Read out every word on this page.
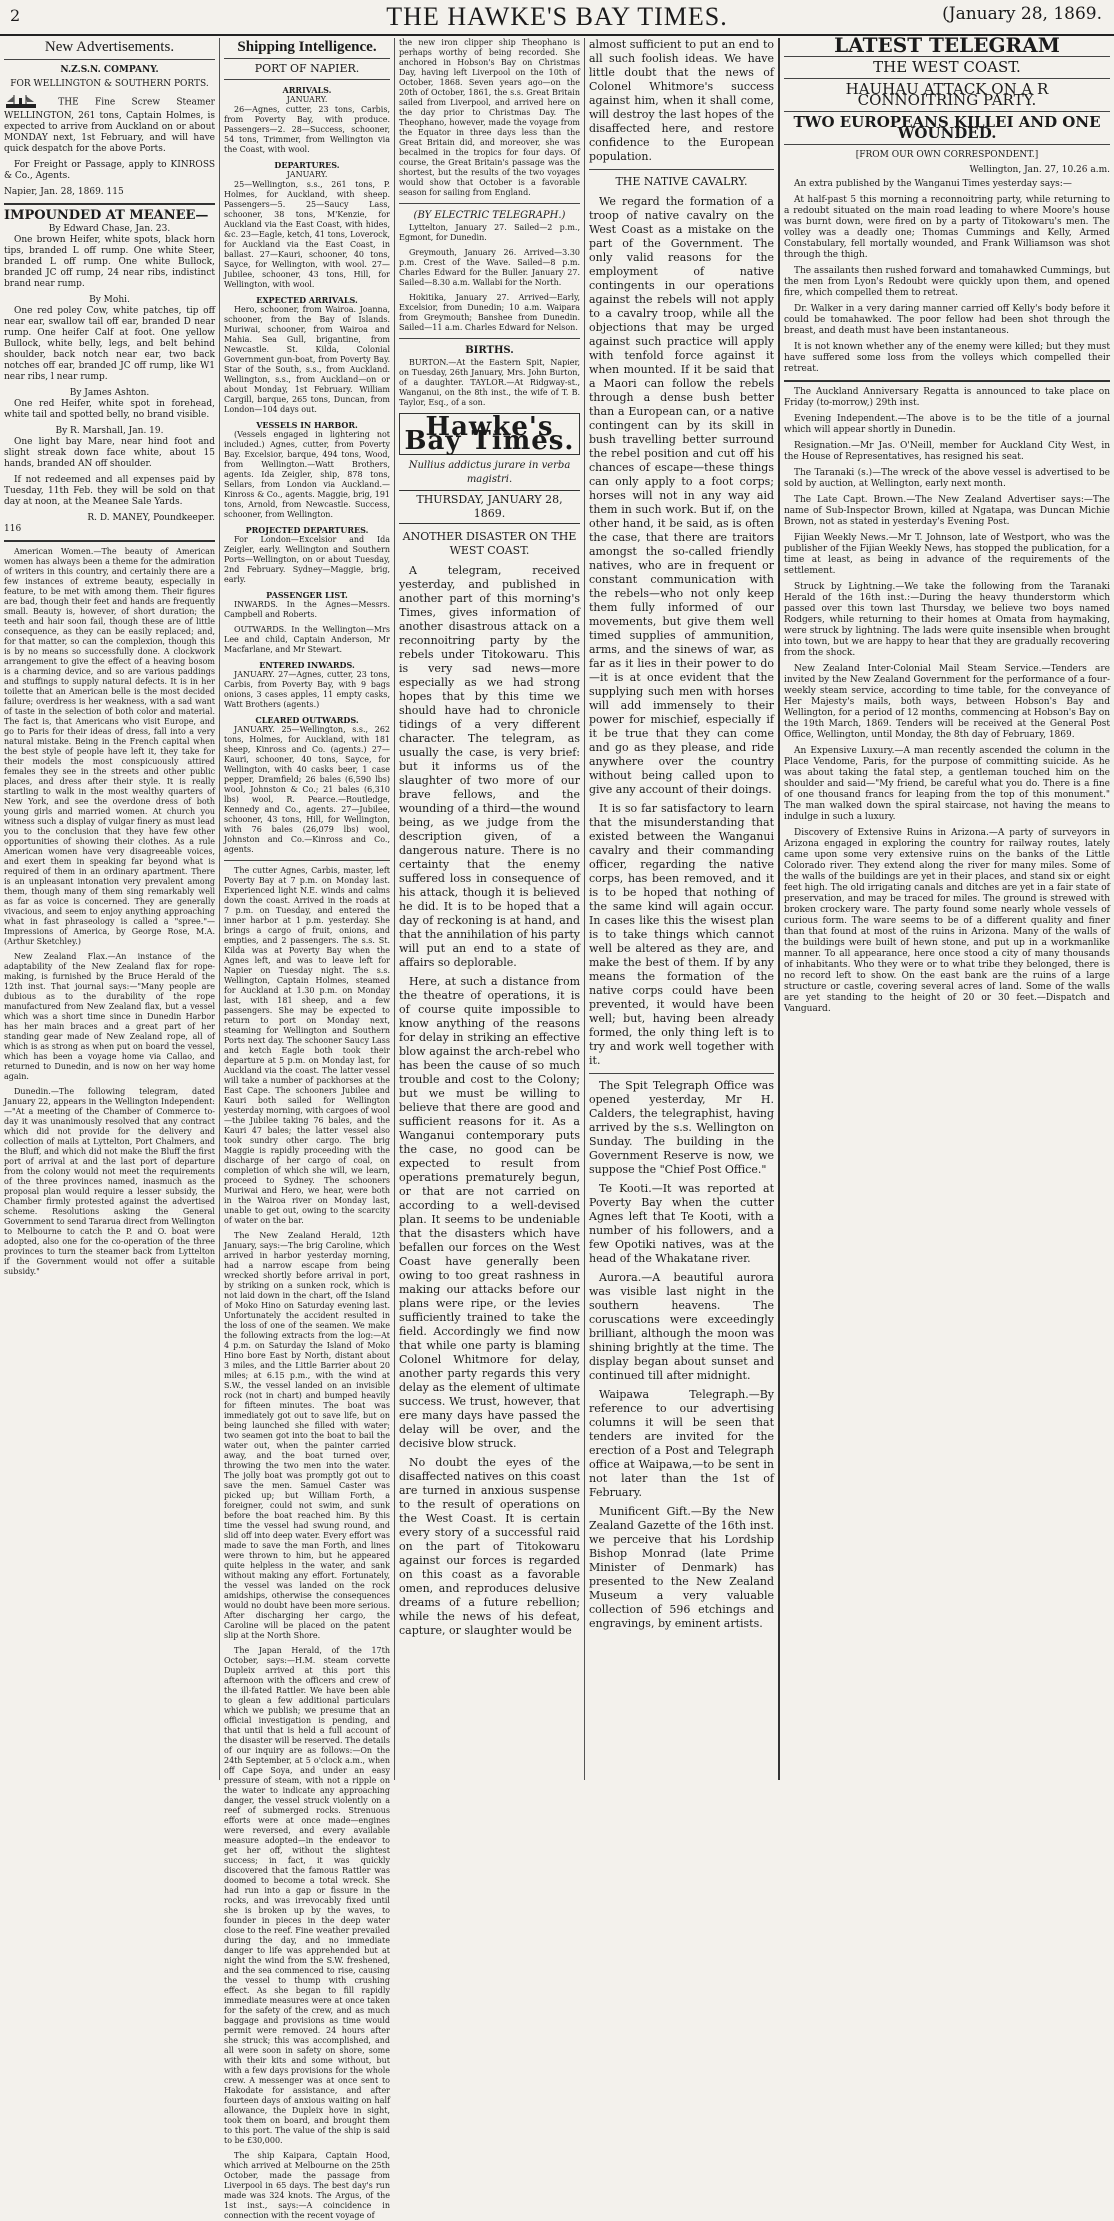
2	THE HAWKE'S BAY TIMES.	(January 28, 1869.
New Advertisements.
N.Z.S.N. COMPANY.
FOR WELLINGTON & SOUTHERN PORTS.

THE Fine Screw Steamer WELLINGTON, 261 tons, Captain Holmes, is expected to arrive from Auckland on or about MONDAY next, 1st February, and will have quick despatch for the above Ports.

For Freight or Passage, apply to KINROSS & Co., Agents.

Napier, Jan. 28, 1869. 115

IMPOUNDED AT MEANEE—
By Edward Chase, Jan. 23.

One brown Heifer, white spots, black horn tips, branded L off rump. One white Steer, branded L off rump. One white Bullock, branded JC off rump, 24 near ribs, indistinct brand near rump.

By Mohi.

One red poley Cow, white patches, tip off near ear, swallow tail off ear, branded D near rump. One heifer Calf at foot. One yellow Bullock, white belly, legs, and belt behind shoulder, back notch near ear, two back notches off ear, branded JC off rump, like W1 near ribs, l near rump.

By James Ashton.

One red Heifer, white spot in forehead, white tail and spotted belly, no brand visible.

By R. Marshall, Jan. 19.

One light bay Mare, near hind foot and slight streak down face white, about 15 hands, branded AN off shoulder.

If not redeemed and all expenses paid by Tuesday, 11th Feb. they will be sold on that day at noon, at the Meanee Sale Yards.

R. D. MANEY, Poundkeeper.
116

American Women.—The beauty of American women has always been a theme for the admiration of writers in this country, and certainly there are a few instances of extreme beauty, especially in feature, to be met with among them. Their figures are bad, though their feet and hands are frequently small. Beauty is, however, of short duration; the teeth and hair soon fail, though these are of little consequence, as they can be easily replaced; and, for that matter, so can the complexion, though this is by no means so successfully done. A clockwork arrangement to give the effect of a heaving bosom is a charming device, and so are various paddings and stuffings to supply natural defects. It is in her toilette that an American belle is the most decided failure; overdress is her weakness, with a sad want of taste in the selection of both color and material. The fact is, that Americans who visit Europe, and go to Paris for their ideas of dress, fall into a very natural mistake. Being in the French capital when the best style of people have left it, they take for their models the most conspicuously attired females they see in the streets and other public places, and dress after their style. It is really startling to walk in the most wealthy quarters of New York, and see the overdone dress of both young girls and married women. At church you witness such a display of vulgar finery as must lead you to the conclusion that they have few other opportunities of showing their clothes. As a rule American women have very disagreeable voices, and exert them in speaking far beyond what is required of them in an ordinary apartment. There is an unpleasant intonation very prevalent among them, though many of them sing remarkably well as far as voice is concerned. They are generally vivacious, and seem to enjoy anything approaching what in fast phraseology is called a "spree."—Impressions of America, by George Rose, M.A. (Arthur Sketchley.)

New Zealand Flax.—An instance of the adaptability of the New Zealand flax for rope-making, is furnished by the Bruce Herald of the 12th inst. That journal says:—"Many people are dubious as to the durability of the rope manufactured from New Zealand flax, but a vessel which was a short time since in Dunedin Harbor has her main braces and a great part of her standing gear made of New Zealand rope, all of which is as strong as when put on board the vessel, which has been a voyage home via Callao, and returned to Dunedin, and is now on her way home again.

Dunedin.—The following telegram, dated January 22, appears in the Wellington Independent:—"At a meeting of the Chamber of Commerce to-day it was unanimously resolved that any contract which did not provide for the delivery and collection of mails at Lyttelton, Port Chalmers, and the Bluff, and which did not make the Bluff the first port of arrival at and the last port of departure from the colony would not meet the requirements of the three provinces named, inasmuch as the proposal plan would require a lesser subsidy, the Chamber firmly protested against the advertised scheme. Resolutions asking the General Government to send Tararua direct from Wellington to Melbourne to catch the P. and O. boat were adopted, also one for the co-operation of the three provinces to turn the steamer back from Lyttelton if the Government would not offer a suitable subsidy."

Shipping Intelligence.
PORT OF NAPIER.
ARRIVALS.
JANUARY.

26—Agnes, cutter, 23 tons, Carbis, from Poverty Bay, with produce. Passengers—2. 28—Success, schooner, 54 tons, Trimmer, from Wellington via the Coast, with wool.

DEPARTURES.
JANUARY.

25—Wellington, s.s., 261 tons, P. Holmes, for Auckland, with sheep. Passengers—5. 25—Saucy Lass, schooner, 38 tons, M'Kenzie, for Auckland via the East Coast, with hides, &c. 23—Eagle, ketch, 41 tons, Loverock, for Auckland via the East Coast, in ballast. 27—Kauri, schooner, 40 tons, Sayce, for Wellington, with wool. 27—Jubilee, schooner, 43 tons, Hill, for Wellington, with wool.

EXPECTED ARRIVALS.

Hero, schooner, from Wairoa. Joanna, schooner, from the Bay of Islands. Muriwai, schooner, from Wairoa and Mahia. Sea Gull, brigantine, from Newcastle. St. Kilda, Colonial Government gun-boat, from Poverty Bay. Star of the South, s.s., from Auckland. Wellington, s.s., from Auckland—on or about Monday, 1st February. William Cargill, barque, 265 tons, Duncan, from London—104 days out.

VESSELS IN HARBOR.

(Vessels engaged in lightering not included.) Agnes, cutter, from Poverty Bay. Excelsior, barque, 494 tons, Wood, from Wellington.—Watt Brothers, agents. Ida Zeigler, ship, 878 tons, Sellars, from London via Auckland.—Kinross & Co., agents. Maggie, brig, 191 tons, Arnold, from Newcastle. Success, schooner, from Wellington.

PROJECTED DEPARTURES.

For London—Excelsior and Ida Zeigler, early. Wellington and Southern Ports—Wellington, on or about Tuesday, 2nd February. Sydney—Maggie, brig, early.

PASSENGER LIST.

INWARDS. In the Agnes—Messrs. Campbell and Roberts.

OUTWARDS. In the Wellington—Mrs Lee and child, Captain Anderson, Mr Macfarlane, and Mr Stewart.

ENTERED INWARDS.

JANUARY. 27—Agnes, cutter, 23 tons, Carbis, from Poverty Bay, with 9 bags onions, 3 cases apples, 11 empty casks, Watt Brothers (agents.)

CLEARED OUTWARDS.

JANUARY. 25—Wellington, s.s., 262 tons, Holmes, for Auckland, with 181 sheep, Kinross and Co. (agents.) 27—Kauri, schooner, 40 tons, Sayce, for Wellington, with 40 casks beer, 1 case pepper, Dramfield; 26 bales (6,590 lbs) wool, Johnston & Co.; 21 bales (6,310 lbs) wool, R. Pearce.—Routledge, Kennedy and Co., agents. 27—Jubilee, schooner, 43 tons, Hill, for Wellington, with 76 bales (26,079 lbs) wool, Johnston and Co.—Kinross and Co., agents.

The cutter Agnes, Carbis, master, left Poverty Bay at 7 p.m. on Monday last. Experienced light N.E. winds and calms down the coast. Arrived in the roads at 7 p.m. on Tuesday, and entered the inner harbor at 1 p.m. yesterday. She brings a cargo of fruit, onions, and empties, and 2 passengers. The s.s. St. Kilda was at Poverty Bay when the Agnes left, and was to leave left for Napier on Tuesday night. The s.s. Wellington, Captain Holmes, steamed for Auckland at 1.30 p.m. on Monday last, with 181 sheep, and a few passengers. She may be expected to return to port on Monday next, steaming for Wellington and Southern Ports next day. The schooner Saucy Lass and ketch Eagle both took their departure at 5 p.m. on Monday last, for Auckland via the coast. The latter vessel will take a number of packhorses at the East Cape. The schooners Jubilee and Kauri both sailed for Wellington yesterday morning, with cargoes of wool—the Jubilee taking 76 bales, and the Kauri 47 bales; the latter vessel also took sundry other cargo. The brig Maggie is rapidly proceeding with the discharge of her cargo of coal, on completion of which she will, we learn, proceed to Sydney. The schooners Muriwai and Hero, we hear, were both in the Wairoa river on Monday last, unable to get out, owing to the scarcity of water on the bar.

The New Zealand Herald, 12th January, says:—The brig Caroline, which arrived in harbor yesterday morning, had a narrow escape from being wrecked shortly before arrival in port, by striking on a sunken rock, which is not laid down in the chart, off the Island of Moko Hino on Saturday evening last. Unfortunately the accident resulted in the loss of one of the seamen. We make the following extracts from the log:—At 4 p.m. on Saturday the Island of Moko Hino bore East by North, distant about 3 miles, and the Little Barrier about 20 miles; at 6.15 p.m., with the wind at S.W., the vessel landed on an invisible rock (not in chart) and bumped heavily for fifteen minutes. The boat was immediately got out to save life, but on being launched she filled with water; two seamen got into the boat to bail the water out, when the painter carried away, and the boat turned over, throwing the two men into the water. The jolly boat was promptly got out to save the men. Samuel Caster was picked up; but William Forth, a foreigner, could not swim, and sunk before the boat reached him. By this time the vessel had swung round, and slid off into deep water. Every effort was made to save the man Forth, and lines were thrown to him, but he appeared quite helpless in the water, and sank without making any effort. Fortunately, the vessel was landed on the rock amidships, otherwise the consequences would no doubt have been more serious. After discharging her cargo, the Caroline will be placed on the patent slip at the North Shore.

The Japan Herald, of the 17th October, says:—H.M. steam corvette Dupleix arrived at this port this afternoon with the officers and crew of the ill-fated Rattler. We have been able to glean a few additional particulars which we publish; we presume that an official investigation is pending, and that until that is held a full account of the disaster will be reserved. The details of our inquiry are as follows:—On the 24th September, at 5 o'clock a.m., when off Cape Soya, and under an easy pressure of steam, with not a ripple on the water to indicate any approaching danger, the vessel struck violently on a reef of submerged rocks. Strenuous efforts were at once made—engines were reversed, and every available measure adopted—in the endeavor to get her off, without the slightest success; in fact, it was quickly discovered that the famous Rattler was doomed to become a total wreck. She had run into a gap or fissure in the rocks, and was irrevocably fixed until she is broken up by the waves, to founder in pieces in the deep water close to the reef. Fine weather prevailed during the day, and no immediate danger to life was apprehended but at night the wind from the S.W. freshened, and the sea commenced to rise, causing the vessel to thump with crushing effect. As she began to fill rapidly immediate measures were at once taken for the safety of the crew, and as much baggage and provisions as time would permit were removed. 24 hours after she struck; this was accomplished, and all were soon in safety on shore, some with their kits and some without, but with a few days provisions for the whole crew. A messenger was at once sent to Hakodate for assistance, and after fourteen days of anxious waiting on half allowance, the Dupleix hove in sight, took them on board, and brought them to this port. The value of the ship is said to be £30,000.

The ship Kaipara, Captain Hood, which arrived at Melbourne on the 25th October, made the passage from Liverpool in 65 days. The best day's run made was 324 knots. The Argus, of the 1st inst., says:—A coincidence in connection with the recent voyage of

the new iron clipper ship Theophano is perhaps worthy of being recorded. She anchored in Hobson's Bay on Christmas Day, having left Liverpool on the 10th of October, 1868. Seven years ago—on the 20th of October, 1861, the s.s. Great Britain sailed from Liverpool, and arrived here on the day prior to Christmas Day. The Theophano, however, made the voyage from the Equator in three days less than the Great Britain did, and moreover, she was becalmed in the tropics for four days. Of course, the Great Britain's passage was the shortest, but the results of the two voyages would show that October is a favorable season for sailing from England.

(BY ELECTRIC TELEGRAPH.)

Lyttelton, January 27. Sailed—2 p.m., Egmont, for Dunedin.

Greymouth, January 26. Arrived—3.30 p.m. Crest of the Wave. Sailed—8 p.m. Charles Edward for the Buller. January 27. Sailed—8.30 a.m. Wallabi for the North.

Hokitika, January 27. Arrived—Early, Excelsior, from Dunedin; 10 a.m. Waipara from Greymouth; Banshee from Dunedin. Sailed—11 a.m. Charles Edward for Nelson.

BIRTHS.

BURTON.—At the Eastern Spit, Napier, on Tuesday, 26th January, Mrs. John Burton, of a daughter. TAYLOR.—At Ridgway-st., Wanganui, on the 8th inst., the wife of T. B. Taylor, Esq., of a son.

Hawke's Bay Times.
Nullius addictus jurare in verba magistri.
THURSDAY, JANUARY 28, 1869.
ANOTHER DISASTER ON THE WEST COAST.

A telegram, received yesterday, and published in another part of this morning's Times, gives information of another disastrous attack on a reconnoitring party by the rebels under Titokowaru. This is very sad news—more especially as we had strong hopes that by this time we should have had to chronicle tidings of a very different character. The telegram, as usually the case, is very brief: but it informs us of the slaughter of two more of our brave fellows, and the wounding of a third—the wound being, as we judge from the description given, of a dangerous nature. There is no certainty that the enemy suffered loss in consequence of his attack, though it is believed he did. It is to be hoped that a day of reckoning is at hand, and that the annihilation of his party will put an end to a state of affairs so deplorable.

Here, at such a distance from the theatre of operations, it is of course quite impossible to know anything of the reasons for delay in striking an effective blow against the arch-rebel who has been the cause of so much trouble and cost to the Colony; but we must be willing to believe that there are good and sufficient reasons for it. As a Wanganui contemporary puts the case, no good can be expected to result from operations prematurely begun, or that are not carried on according to a well-devised plan. It seems to be undeniable that the disasters which have befallen our forces on the West Coast have generally been owing to too great rashness in making our attacks before our plans were ripe, or the levies sufficiently trained to take the field. Accordingly we find now that while one party is blaming Colonel Whitmore for delay, another party regards this very delay as the element of ultimate success. We trust, however, that ere many days have passed the delay will be over, and the decisive blow struck.

No doubt the eyes of the disaffected natives on this coast are turned in anxious suspense to the result of operations on the West Coast. It is certain every story of a successful raid on the part of Titokowaru against our forces is regarded on this coast as a favorable omen, and reproduces delusive dreams of a future rebellion; while the news of his defeat, capture, or slaughter would be

almost sufficient to put an end to all such foolish ideas. We have little doubt that the news of Colonel Whitmore's success against him, when it shall come, will destroy the last hopes of the disaffected here, and restore confidence to the European population.

THE NATIVE CAVALRY.

We regard the formation of a troop of native cavalry on the West Coast as a mistake on the part of the Government. The only valid reasons for the employment of native contingents in our operations against the rebels will not apply to a cavalry troop, while all the objections that may be urged against such practice will apply with tenfold force against it when mounted. If it be said that a Maori can follow the rebels through a dense bush better than a European can, or a native contingent can by its skill in bush travelling better surround the rebel position and cut off his chances of escape—these things can only apply to a foot corps; horses will not in any way aid them in such work. But if, on the other hand, it be said, as is often the case, that there are traitors amongst the so-called friendly natives, who are in frequent or constant communication with the rebels—who not only keep them fully informed of our movements, but give them well timed supplies of ammunition, arms, and the sinews of war, as far as it lies in their power to do—it is at once evident that the supplying such men with horses will add immensely to their power for mischief, especially if it be true that they can come and go as they please, and ride anywhere over the country without being called upon to give any account of their doings.

It is so far satisfactory to learn that the misunderstanding that existed between the Wanganui cavalry and their commanding officer, regarding the native corps, has been removed, and it is to be hoped that nothing of the same kind will again occur. In cases like this the wisest plan is to take things which cannot well be altered as they are, and make the best of them. If by any means the formation of the native corps could have been prevented, it would have been well; but, having been already formed, the only thing left is to try and work well together with it.

The Spit Telegraph Office was opened yesterday, Mr H. Calders, the telegraphist, having arrived by the s.s. Wellington on Sunday. The building in the Government Reserve is now, we suppose the "Chief Post Office."

Te Kooti.—It was reported at Poverty Bay when the cutter Agnes left that Te Kooti, with a number of his followers, and a few Opotiki natives, was at the head of the Whakatane river.

Aurora.—A beautiful aurora was visible last night in the southern heavens. The coruscations were exceedingly brilliant, although the moon was shining brightly at the time. The display began about sunset and continued till after midnight.

Waipawa Telegraph.—By reference to our advertising columns it will be seen that tenders are invited for the erection of a Post and Telegraph office at Waipawa,—to be sent in not later than the 1st of February.

Munificent Gift.—By the New Zealand Gazette of the 16th inst. we perceive that his Lordship Bishop Monrad (late Prime Minister of Denmark) has presented to the New Zealand Museum a very valuable collection of 596 etchings and engravings, by eminent artists.

LATEST TELEGRAM
THE WEST COAST.
HAUHAU ATTACK ON A R CONNOITRING PARTY.
TWO EUROPEANS KILLEI AND ONE WOUNDED.
[FROM OUR OWN CORRESPONDENT.]
Wellington, Jan. 27, 10.26 a.m.

An extra published by the Wanganui Times yesterday says:—

At half-past 5 this morning a reconnoitring party, while returning to a redoubt situated on the main road leading to where Moore's house was burnt down, were fired on by a party of Titokowaru's men. The volley was a deadly one; Thomas Cummings and Kelly, Armed Constabulary, fell mortally wounded, and Frank Williamson was shot through the thigh.

The assailants then rushed forward and tomahawked Cummings, but the men from Lyon's Redoubt were quickly upon them, and opened fire, which compelled them to retreat.

Dr. Walker in a very daring manner carried off Kelly's body before it could be tomahawked. The poor fellow had been shot through the breast, and death must have been instantaneous.

It is not known whether any of the enemy were killed; but they must have suffered some loss from the volleys which compelled their retreat.

The Auckland Anniversary Regatta is announced to take place on Friday (to-morrow,) 29th inst.

Evening Independent.—The above is to be the title of a journal which will appear shortly in Dunedin.

Resignation.—Mr Jas. O'Neill, member for Auckland City West, in the House of Representatives, has resigned his seat.

The Taranaki (s.)—The wreck of the above vessel is advertised to be sold by auction, at Wellington, early next month.

The Late Capt. Brown.—The New Zealand Advertiser says:—The name of Sub-Inspector Brown, killed at Ngatapa, was Duncan Michie Brown, not as stated in yesterday's Evening Post.

Fijian Weekly News.—Mr T. Johnson, late of Westport, who was the publisher of the Fijian Weekly News, has stopped the publication, for a time at least, as being in advance of the requirements of the settlement.

Struck by Lightning.—We take the following from the Taranaki Herald of the 16th inst.:—During the heavy thunderstorm which passed over this town last Thursday, we believe two boys named Rodgers, while returning to their homes at Omata from haymaking, were struck by lightning. The lads were quite insensible when brought into town, but we are happy to hear that they are gradually recovering from the shock.

New Zealand Inter-Colonial Mail Steam Service.—Tenders are invited by the New Zealand Government for the performance of a four-weekly steam service, according to time table, for the conveyance of Her Majesty's mails, both ways, between Hobson's Bay and Wellington, for a period of 12 months, commencing at Hobson's Bay on the 19th March, 1869. Tenders will be received at the General Post Office, Wellington, until Monday, the 8th day of February, 1869.

An Expensive Luxury.—A man recently ascended the column in the Place Vendome, Paris, for the purpose of committing suicide. As he was about taking the fatal step, a gentleman touched him on the shoulder and said—"My friend, be careful what you do. There is a fine of one thousand francs for leaping from the top of this monument." The man walked down the spiral staircase, not having the means to indulge in such a luxury.

Discovery of Extensive Ruins in Arizona.—A party of surveyors in Arizona engaged in exploring the country for railway routes, lately came upon some very extensive ruins on the banks of the Little Colorado river. They extend along the river for many miles. Some of the walls of the buildings are yet in their places, and stand six or eight feet high. The old irrigating canals and ditches are yet in a fair state of preservation, and may be traced for miles. The ground is strewed with broken crockery ware. The party found some nearly whole vessels of curious form. The ware seems to be of a different quality and finer than that found at most of the ruins in Arizona. Many of the walls of the buildings were built of hewn stone, and put up in a workmanlike manner. To all appearance, here once stood a city of many thousands of inhabitants. Who they were or to what tribe they belonged, there is no record left to show. On the east bank are the ruins of a large structure or castle, covering several acres of land. Some of the walls are yet standing to the height of 20 or 30 feet.—Dispatch and Vanguard.
